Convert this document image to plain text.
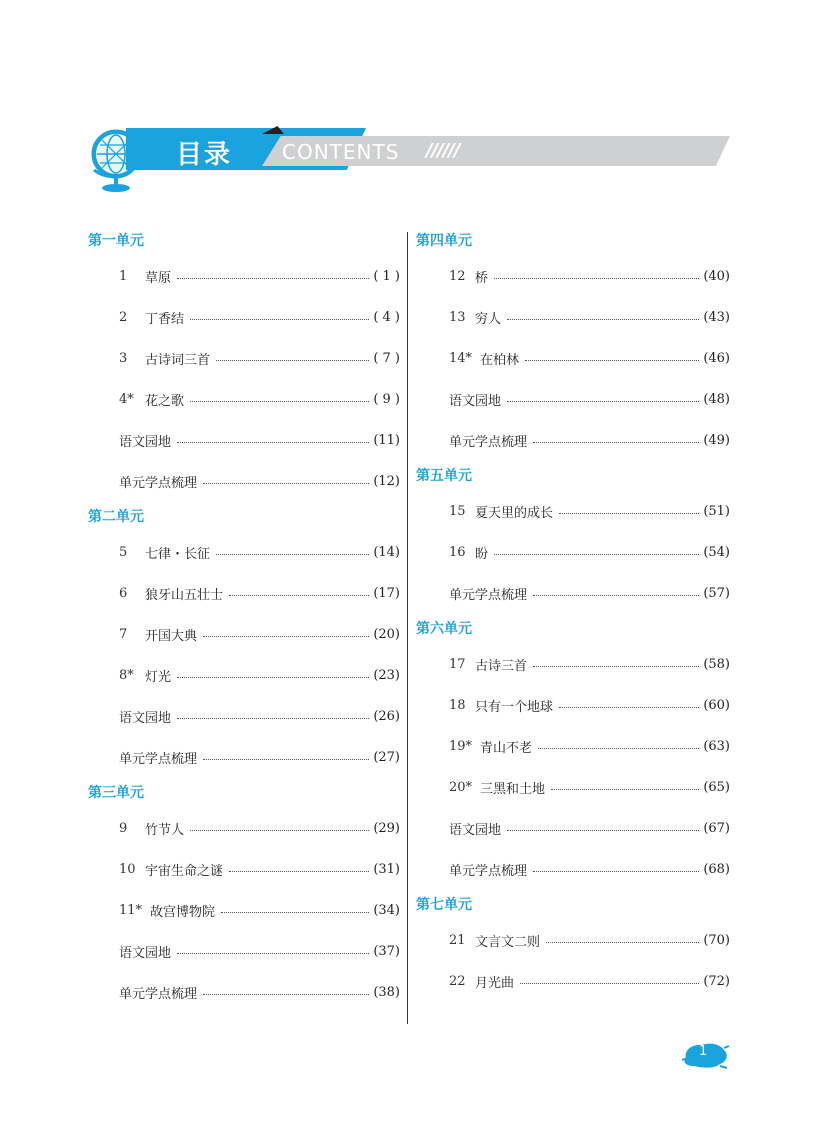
目录 CONTENTS //////
第一单元
1	草原	( 1 )
2	丁香结	( 4 )
3	古诗词三首	( 7 )
4* 花之歌	( 9 )
语文园地	(11)
单元学点梳理	(12)
第二单元
5	七律・长征	(14)
6	狼牙山五壮士	(17)
7	开国大典	(20)
8* 灯光	(23)
语文园地	(26)
单元学点梳理	(27)
第三单元
9	竹节人	(29)
10 宇宙生命之谜	(31)
11* 故宫博物院	(34)
语文园地	(37)
单元学点梳理	(38)
第四单元
12 桥	(40)
13 穷人	(43)
14* 在柏林	(46)
语文园地	(48)
单元学点梳理	(49)
第五单元
15 夏天里的成长	(51)
16 盼	(54)
单元学点梳理	(57)
第六单元
17 古诗三首	(58)
18 只有一个地球	(60)
19* 青山不老	(63)
20* 三黑和土地	(65)
语文园地	(67)
单元学点梳理	(68)
第七单元
21 文言文二则	(70)
22 月光曲	(72)
1
